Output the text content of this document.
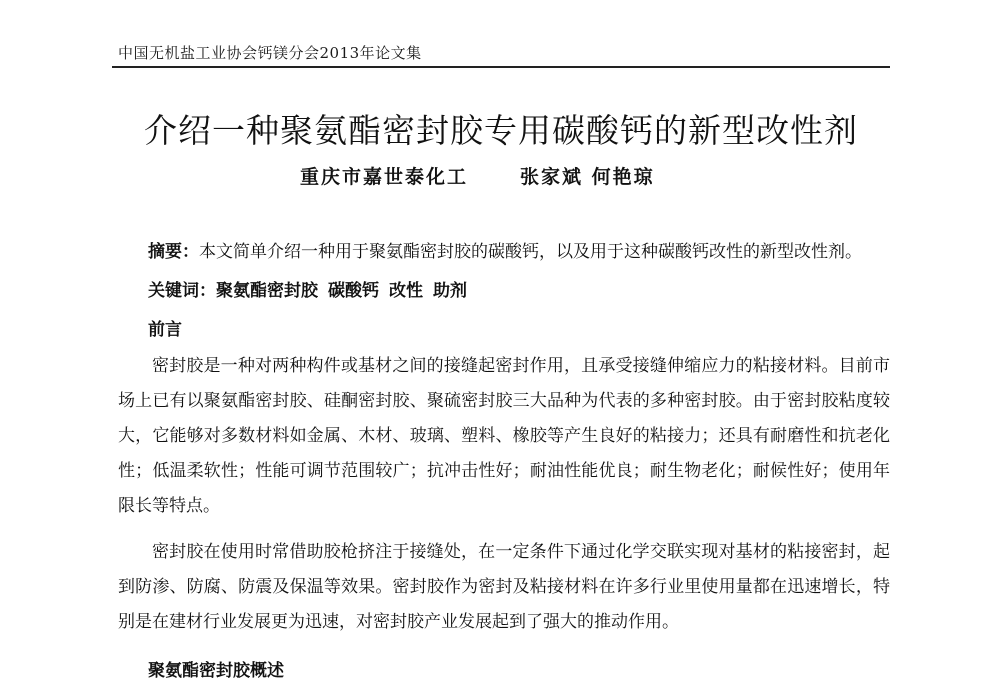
中国无机盐工业协会钙镁分会2013年论文集
介绍一种聚氨酯密封胶专用碳酸钙的新型改性剂
重庆市嘉世泰化工	张家斌 何艳琼
摘要：本文简单介绍一种用于聚氨酯密封胶的碳酸钙，以及用于这种碳酸钙改性的新型改性剂。
关键词：聚氨酯密封胶 碳酸钙 改性 助剂
前言

密封胶是一种对两种构件或基材之间的接缝起密封作用，且承受接缝伸缩应力的粘接材料。目前市场上已有以聚氨酯密封胶、硅酮密封胶、聚硫密封胶三大品种为代表的多种密封胶。由于密封胶粘度较大，它能够对多数材料如金属、木材、玻璃、塑料、橡胶等产生良好的粘接力；还具有耐磨性和抗老化性；低温柔软性；性能可调节范围较广；抗冲击性好；耐油性能优良；耐生物老化；耐候性好；使用年限长等特点。

密封胶在使用时常借助胶枪挤注于接缝处，在一定条件下通过化学交联实现对基材的粘接密封，起到防渗、防腐、防震及保温等效果。密封胶作为密封及粘接材料在许多行业里使用量都在迅速增长，特别是在建材行业发展更为迅速，对密封胶产业发展起到了强大的推动作用。

聚氨酯密封胶概述
